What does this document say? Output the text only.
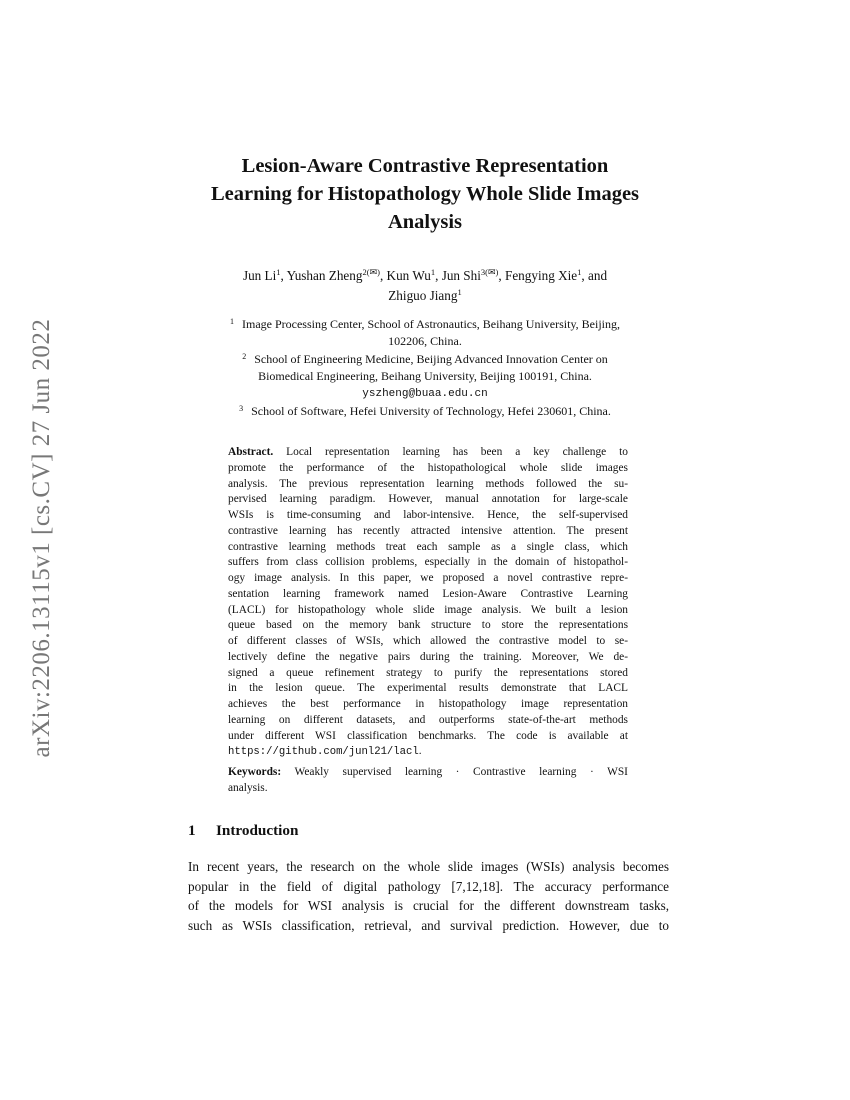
arXiv:2206.13115v1 [cs.CV] 27 Jun 2022
Lesion-Aware Contrastive Representation
Learning for Histopathology Whole Slide Images
Analysis
Jun Li$^1$, Yushan Zheng$^{2(✉)}$, Kun Wu$^1$, Jun Shi$^{3(✉)}$, Fengying Xie$^1$, and
Zhiguo Jiang$^1$
$^1$ Image Processing Center, School of Astronautics, Beihang University, Beijing,
102206, China.
$^2$ School of Engineering Medicine, Beijing Advanced Innovation Center on
Biomedical Engineering, Beihang University, Beijing 100191, China.
yszheng@buaa.edu.cn
$^3$ School of Software, Hefei University of Technology, Hefei 230601, China.
Abstract. Local representation learning has been a key challenge to
promote the performance of the histopathological whole slide images
analysis. The previous representation learning methods followed the su-
pervised learning paradigm. However, manual annotation for large-scale
WSIs is time-consuming and labor-intensive. Hence, the self-supervised
contrastive learning has recently attracted intensive attention. The present
contrastive learning methods treat each sample as a single class, which
suffers from class collision problems, especially in the domain of histopathol-
ogy image analysis. In this paper, we proposed a novel contrastive repre-
sentation learning framework named Lesion-Aware Contrastive Learning
(LACL) for histopathology whole slide image analysis. We built a lesion
queue based on the memory bank structure to store the representations
of different classes of WSIs, which allowed the contrastive model to se-
lectively define the negative pairs during the training. Moreover, We de-
signed a queue refinement strategy to purify the representations stored
in the lesion queue. The experimental results demonstrate that LACL
achieves the best performance in histopathology image representation
learning on different datasets, and outperforms state-of-the-art methods
under different WSI classification benchmarks. The code is available at
https://github.com/junl21/lacl.
Keywords: Weakly supervised learning · Contrastive learning · WSI
analysis.
1 Introduction
In recent years, the research on the whole slide images (WSIs) analysis becomes
popular in the field of digital pathology [7,12,18]. The accuracy performance
of the models for WSI analysis is crucial for the different downstream tasks,
such as WSIs classification, retrieval, and survival prediction. However, due to
